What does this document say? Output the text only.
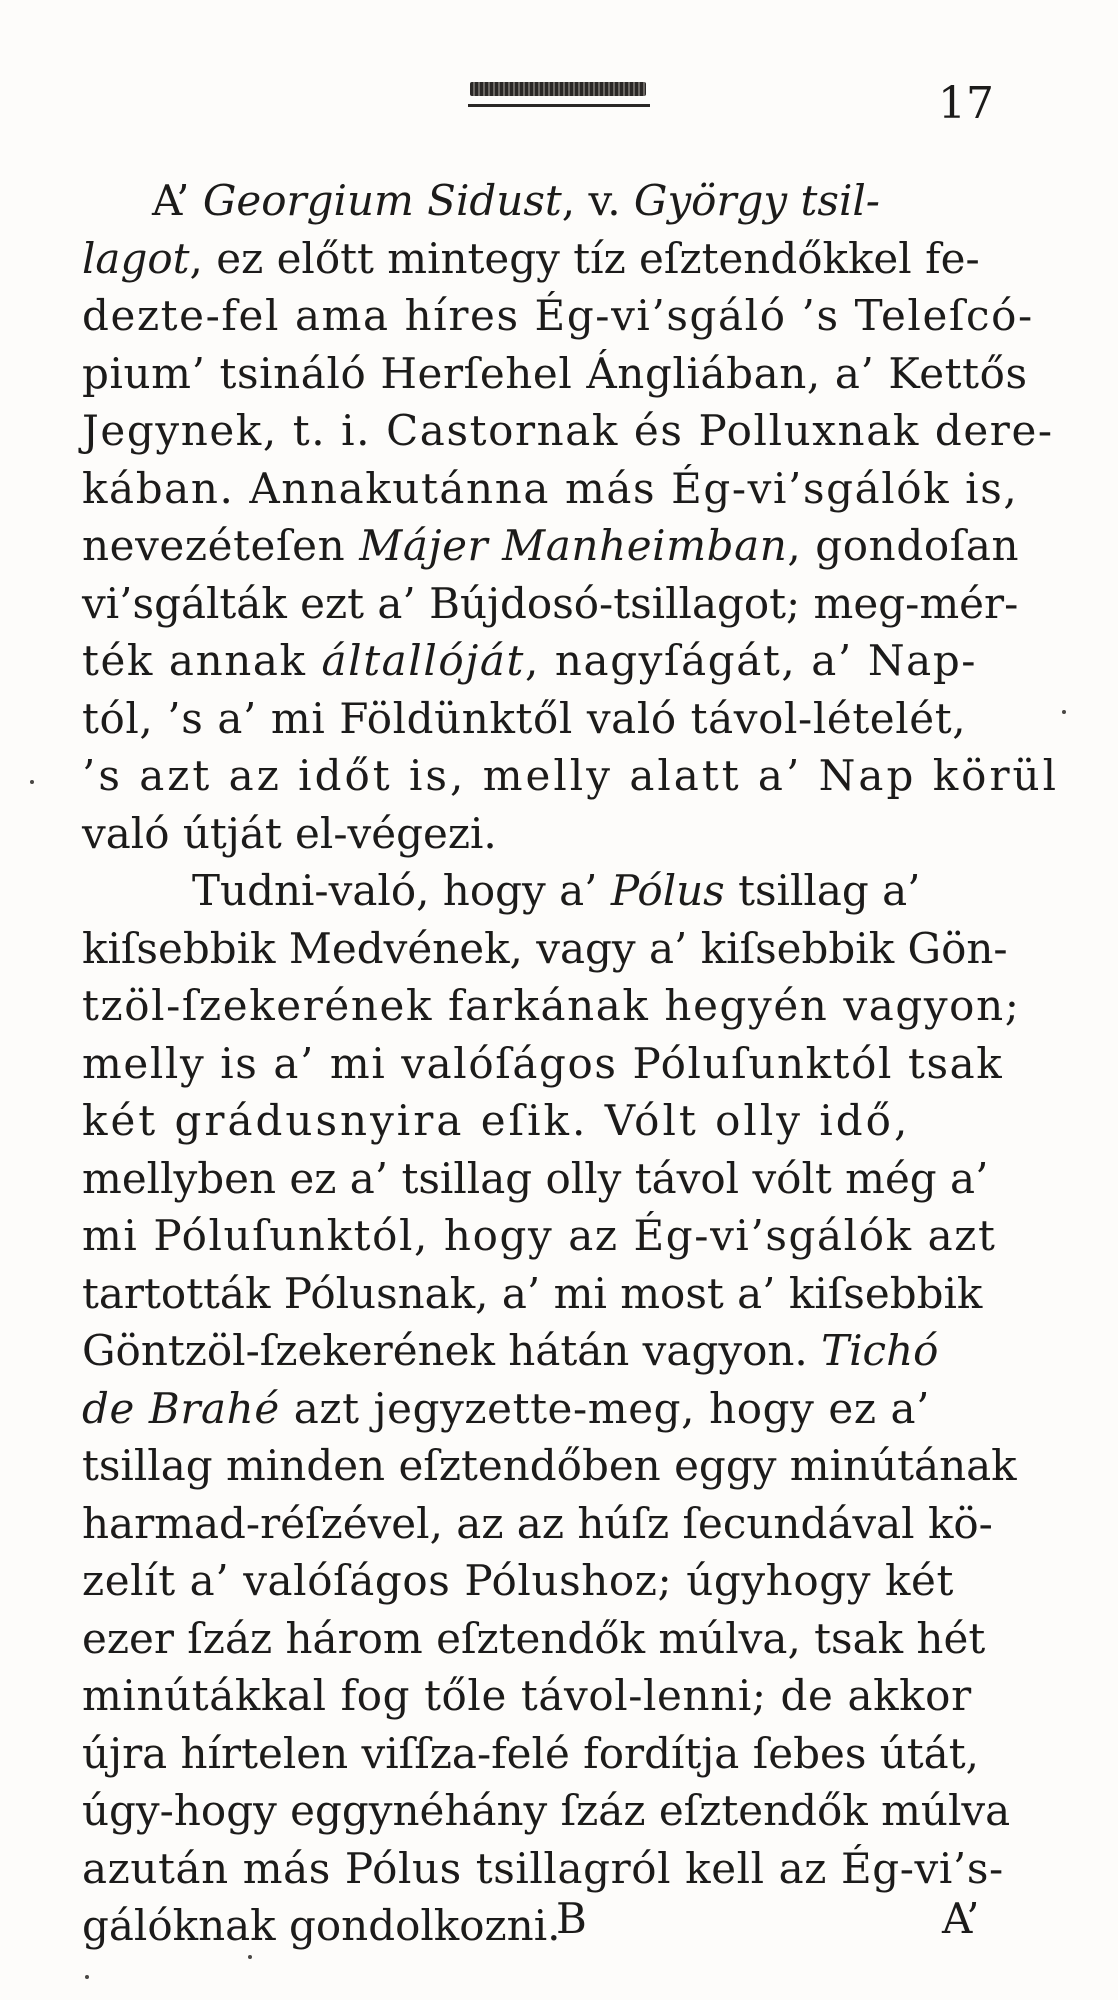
17
A’ Georgium Sidust, v. György tsil-
lagot, ez előtt mintegy tíz eſztendőkkel fe-
dezte-fel ama híres Ég-vi’sgáló ’s Teleſcó-
pium’ tsináló Herſehel Ángliában, a’ Kettős
Jegynek, t. i. Castornak és Polluxnak dere-
kában. Annakutánna más Ég-vi’sgálók is,
nevezéteſen Májer Manheimban, gondoſan
vi’sgálták ezt a’ Bújdosó-tsillagot; meg-mér-
ték annak általlóját, nagyſágát, a’ Nap-
tól, ’s a’ mi Földünktől való távol-lételét,
’s azt az időt is, melly alatt a’ Nap körül
való útját el-végezi.
Tudni-való, hogy a’ Pólus tsillag a’
kiſsebbik Medvének, vagy a’ kiſsebbik Gön-
tzöl-ſzekerének farkának hegyén vagyon;
melly is a’ mi valóſágos Póluſunktól tsak
két grádusnyira eſik. Vólt olly idő,
mellyben ez a’ tsillag olly távol vólt még a’
mi Póluſunktól, hogy az Ég-vi’sgálók azt
tartották Pólusnak, a’ mi most a’ kiſsebbik
Göntzöl-ſzekerének hátán vagyon. Tichó
de Brahé azt jegyzette-meg, hogy ez a’
tsillag minden eſztendőben eggy minútának
harmad-réſzével, az az húſz ſecundával kö-
zelít a’ valóſágos Pólushoz; úgyhogy két
ezer ſzáz három eſztendők múlva, tsak hét
minútákkal fog tőle távol-lenni; de akkor
újra hírtelen viſſza-felé fordítja ſebes útát,
úgy-hogy eggynéhány ſzáz eſztendők múlva
azután más Pólus tsillagról kell az Ég-vi’s-
gálóknak gondolkozni.
B	A’
